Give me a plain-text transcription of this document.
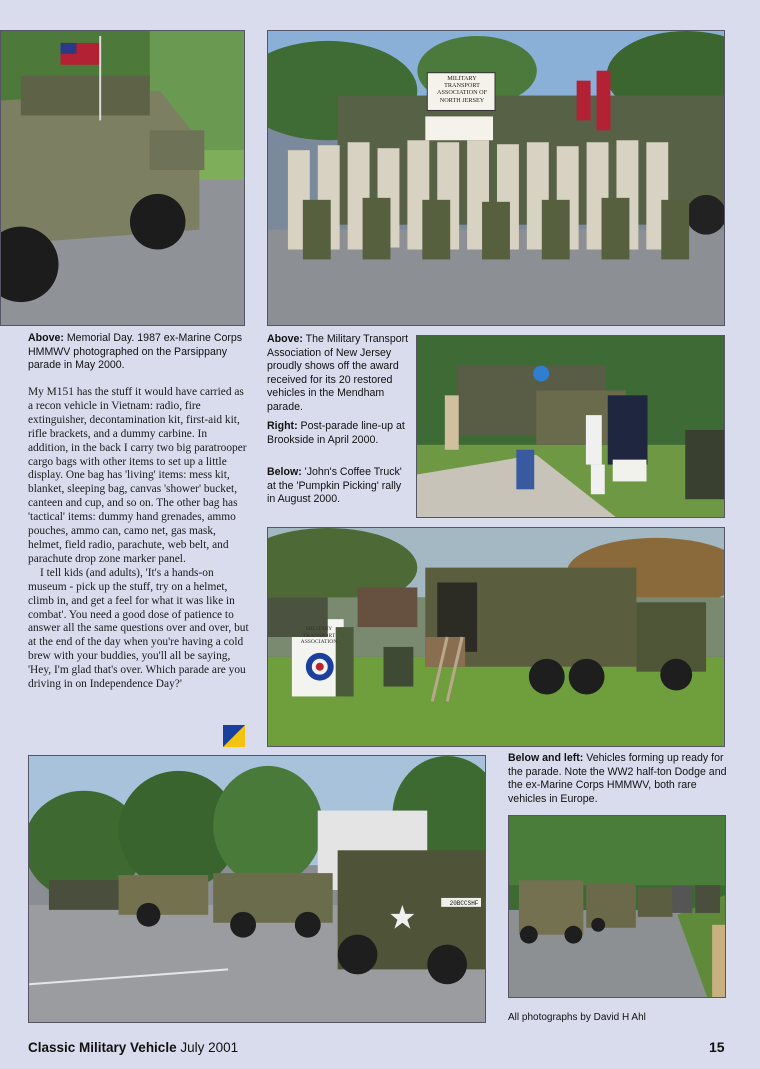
MILITARY
TRANSPORT
ASSOCIATION OF
NORTH JERSEY

Above: Memorial Day. 1987 ex-Marine Corps HMMWV photographed on the Parsippany parade in May 2000.

Above: The Military Transport Association of New Jersey proudly shows off the award received for its 20 restored vehicles in the Mendham parade.

Right: Post-parade line-up at Brookside in April 2000.

Below: 'John's Coffee Truck' at the 'Pumpkin Picking' rally in August 2000.

My M151 has the stuff it would have carried as a recon vehicle in Vietnam: radio, fire extinguisher, decontamination kit, first-aid kit, rifle brackets, and a dummy carbine. In addition, in the back I carry two big paratrooper cargo bags with other items to set up a little display. One bag has 'living' items: mess kit, blanket, sleeping bag, canvas 'shower' bucket, canteen and cup, and so on. The other bag has 'tactical' items: dummy hand grenades, ammo pouches, ammo can, camo net, gas mask, helmet, field radio, parachute, web belt, and parachute drop zone marker panel.

I tell kids (and adults), 'It's a hands-on museum - pick up the stuff, try on a helmet, climb in, and get a feel for what it was like in combat'. You need a good dose of patience to answer all the same questions over and over, but at the end of the day when you're having a cold brew with your buddies, you'll all be saying, 'Hey, I'm glad that's over. Which parade are you driving in on Independence Day?'

MILITARY
TRANSPORT
ASSOCIATION
20BCCSHF

Below and left: Vehicles forming up ready for the parade. Note the WW2 half-ton Dodge and the ex-Marine Corps HMMWV, both rare vehicles in Europe.

All photographs by David H Ahl
Classic Military Vehicle July 2001	15
